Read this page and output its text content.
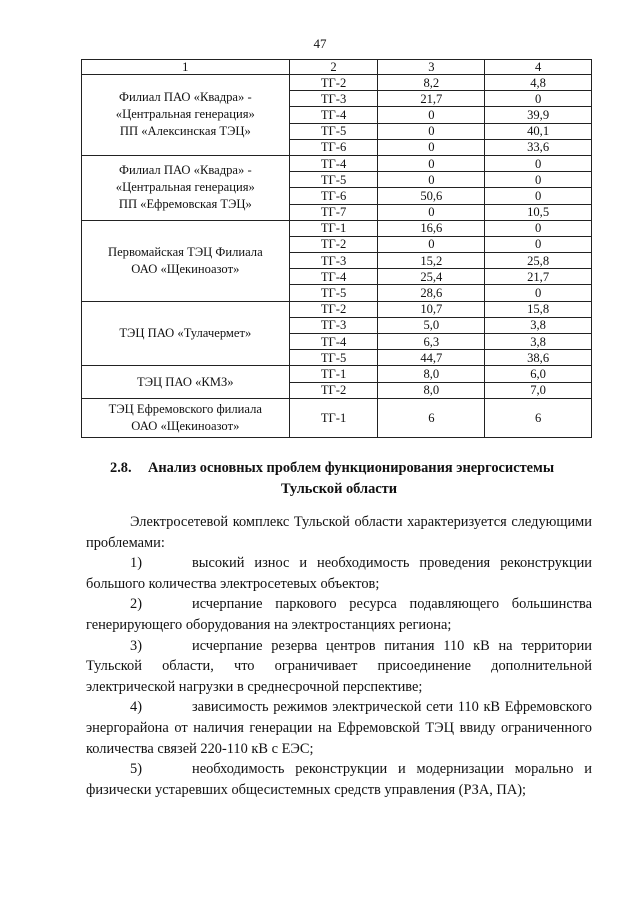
47
1	2	3	4

Филиал ПАО «Квадра» -
«Центральная генерация»
ПП «Алексинская ТЭЦ»	ТГ-2	8,2	4,8
	ТГ-3	21,7	0
	ТГ-4	0	39,9
	ТГ-5	0	40,1
	ТГ-6	0	33,6

Филиал ПАО «Квадра» -
«Центральная генерация»
ПП «Ефремовская ТЭЦ»	ТГ-4	0	0
	ТГ-5	0	0
	ТГ-6	50,6	0
	ТГ-7	0	10,5

Первомайская ТЭЦ Филиала
ОАО «Щекиноазот»	ТГ-1	16,6	0
	ТГ-2	0	0
	ТГ-3	15,2	25,8
	ТГ-4	25,4	21,7
	ТГ-5	28,6	0

ТЭЦ ПАО «Тулачермет»	ТГ-2	10,7	15,8
	ТГ-3	5,0	3,8
	ТГ-4	6,3	3,8
	ТГ-5	44,7	38,6

ТЭЦ ПАО «КМЗ»	ТГ-1	8,0	6,0
	ТГ-2	8,0	7,0

ТЭЦ Ефремовского филиала
ОАО «Щекиноазот»	ТГ-1	6	6
2.8. Анализ основных проблем функционирования энергосистемы
Тульской области

Электросетевой комплекс Тульской области характеризуется следующими проблемами:

1)	высокий износ и необходимость проведения реконструкции большого количества электросетевых объектов;

2)	исчерпание паркового ресурса подавляющего большинства генерирующего оборудования на электростанциях региона;

3)	исчерпание резерва центров питания 110 кВ на территории Тульской области, что ограничивает присоединение дополнительной электрической нагрузки в среднесрочной перспективе;

4)	зависимость режимов электрической сети 110 кВ Ефремовского энергорайона от наличия генерации на Ефремовской ТЭЦ ввиду ограниченного количества связей 220-110 кВ с ЕЭС;

5)	необходимость реконструкции и модернизации морально и физически устаревших общесистемных средств управления (РЗА, ПА);
